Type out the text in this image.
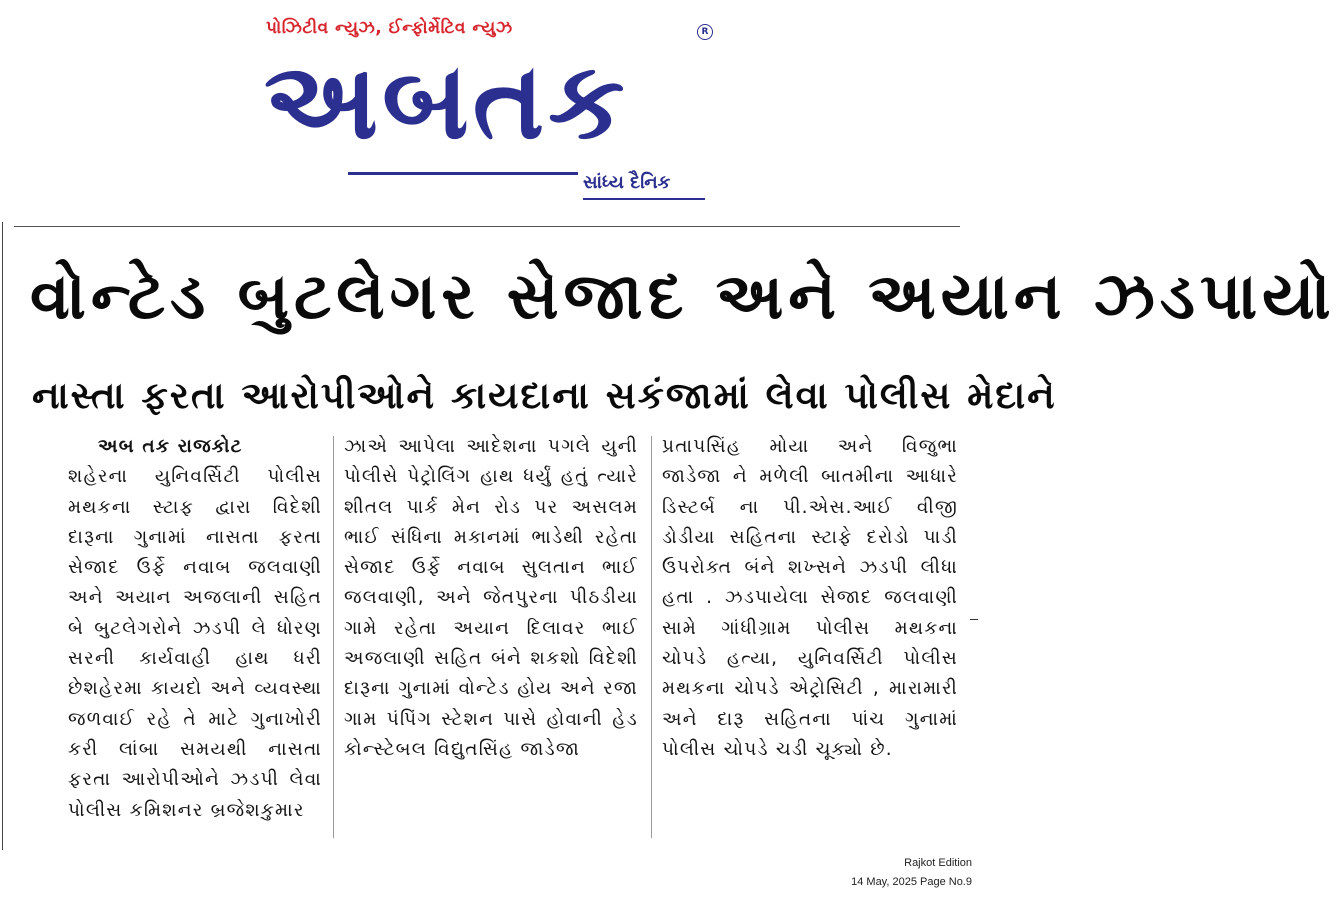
પોઝિટીવ ન્યુઝ, ઈન્ફોર્મેટિવ ન્યુઝ	R
અબતક
સાંધ્ય દૈનિક
વોન્ટેડ બુટલેગર સેજાદ અને અયાન ઝડપાયો
નાસ્તા ફરતા આરોપીઓને કાયદાના સકંજામાં લેવા પોલીસ મેદાને
અબ તક રાજકોટ

શહેરના યુનિવર્સિટી પોલીસ મથકના સ્ટાફ દ્વારા વિદેશી દારૂના ગુનામાં નાસતા ફરતા સેજાદ ઉર્ફે નવાબ જલવાણી અને અયાન અજલાની સહિત બે બુટલેગરોને ઝડપી લે ધોરણ સરની કાર્યવાહી હાથ ધરી છેશહેરમા કાયદો અને વ્યવસ્થા જળવાઈ રહે તે માટે ગુનાખોરી કરી લાંબા સમયથી નાસતા ફરતા આરોપીઓને ઝડપી લેવા પોલીસ કમિશનર બ્રજેશકુમાર

ઝાએ આપેલા આદેશના પગલે યુની પોલીસે પેટ્રોલિંગ હાથ ધર્યું હતું ત્યારે શીતલ પાર્ક મેન રોડ પર અસલમ ભાઈ સંધિના મકાનમાં ભાડેથી રહેતા સેજાદ ઉર્ફે નવાબ સુલતાન ભાઈ જલવાણી, અને જેતપુરના પીઠડીયા ગામે રહેતા અયાન દિલાવર ભાઈ અજલાણી સહિત બંને શકશો વિદેશી દારૂના ગુનામાં વોન્ટેડ હોય અને રજા ગામ પંપિંગ સ્ટેશન પાસે હોવાની હેડ કોન્સ્ટેબલ વિદ્યુતસિંહ જાડેજા

પ્રતાપસિંહ મોયા અને વિજુભા જાડેજા ને મળેલી બાતમીના આધારે ડિસ્ટર્બ ના પી.એસ.આઈ વીજી ડોડીયા સહિતના સ્ટાફે દરોડો પાડી ઉપરોક્ત બંને શખ્સને ઝડપી લીધા હતા . ઝડપાયેલા સેજાદ જલવાણી સામે ગાંધીગ્રામ પોલીસ મથકના ચોપડે હત્યા, યુનિવર્સિટી પોલીસ મથકના ચોપડે એટ્રોસિટી , મારામારી અને દારૂ સહિતના પાંચ ગુનામાં પોલીસ ચોપડે ચડી ચૂક્યો છે.

Rajkot Edition
14 May, 2025 Page No.9
